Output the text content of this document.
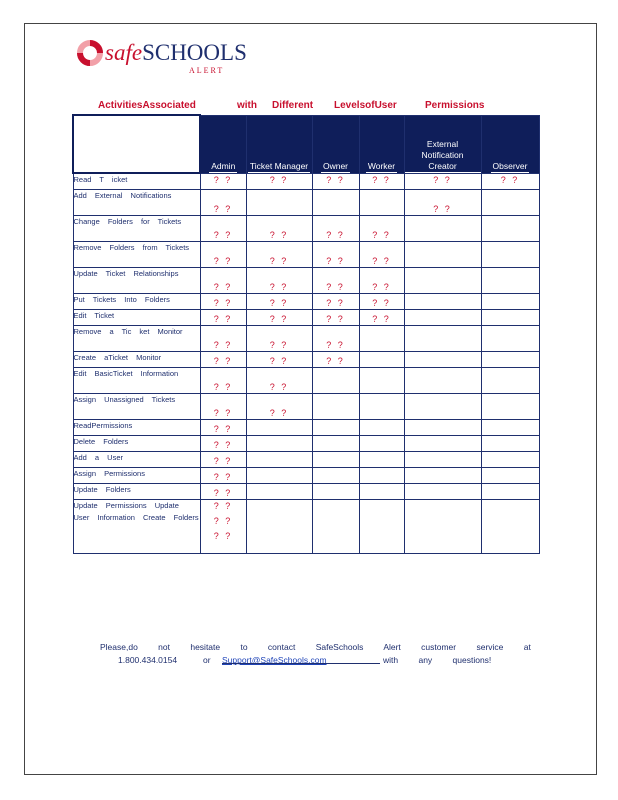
safeSCHOOLS
ALERT
ActivitiesAssociated	with Different LevelsofUser	Permissions
	Admin	Ticket Manager	Owner	Worker	External Notification Creator	Observer
Read T icket	? ?	? ?	? ?	? ?	? ?	? ?

Add External Notifications	? ?				? ?	

Change Folders for Tickets	? ?	? ?	? ?	? ?		

Remove Folders from Tickets	? ?	? ?	? ?	? ?		

Update Ticket Relationships	? ?	? ?	? ?	? ?		

Put Tickets Into Folders	? ?	? ?	? ?	? ?		

Edit Ticket	? ?	? ?	? ?	? ?		

Remove a Tic ket Monitor	? ?	? ?	? ?			

Create aTicket Monitor	? ?	? ?	? ?			

Edit BasicTicket Information	? ?	? ?				

Assign Unassigned Tickets	? ?	? ?				

ReadPermissions	? ?					

Delete Folders	? ?					

Add a User	? ?					

Assign Permissions	? ?					

Update Folders	? ?					

Update Permissions Update User Information Create Folders	? ?
? ?
? ?					

Please,do not hesitate to contact SafeSchools Alert customer service at
1.800.434.0154	or Support@SafeSchools.com	with any questions!
